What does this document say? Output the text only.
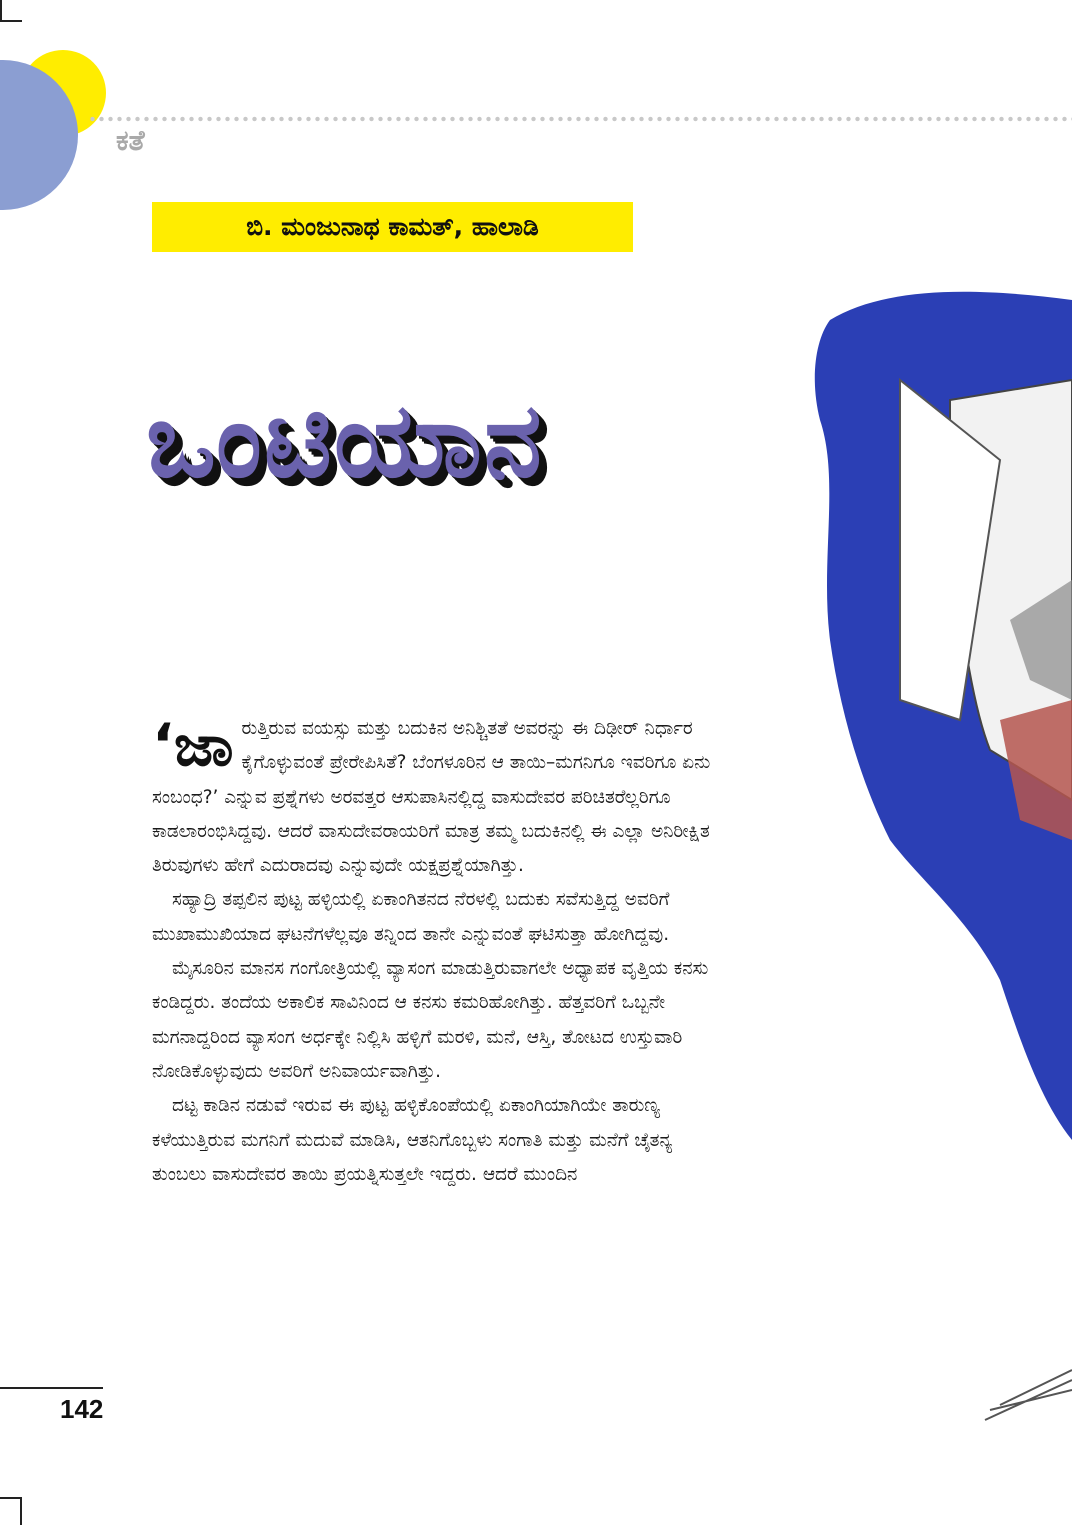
ಕತೆ
ಬಿ. ಮಂಜುನಾಥ ಕಾಮತ್, ಹಾಲಾಡಿ
ಒಂಟಿಯಾನ

‘ಜಾ ರುತ್ತಿರುವ ವಯಸ್ಸು ಮತ್ತು ಬದುಕಿನ ಅನಿಶ್ಚಿತತೆ ಅವರನ್ನು ಈ ದಿಢೀರ್ ನಿರ್ಧಾರ ಕೈಗೊಳ್ಳುವಂತೆ ಪ್ರೇರೇಪಿಸಿತೆ? ಬೆಂಗಳೂರಿನ ಆ ತಾಯಿ–ಮಗನಿಗೂ ಇವರಿಗೂ ಏನು ಸಂಬಂಧ?’ ಎನ್ನುವ ಪ್ರಶ್ನೆಗಳು ಅರವತ್ತರ ಆಸುಪಾಸಿನಲ್ಲಿದ್ದ ವಾಸುದೇವರ ಪರಿಚಿತರೆಲ್ಲರಿಗೂ ಕಾಡಲಾರಂಭಿಸಿದ್ದವು. ಆದರೆ ವಾಸುದೇವರಾಯರಿಗೆ ಮಾತ್ರ ತಮ್ಮ ಬದುಕಿನಲ್ಲಿ ಈ ಎಲ್ಲಾ ಅನಿರೀಕ್ಷಿತ ತಿರುವುಗಳು ಹೇಗೆ ಎದುರಾದವು ಎನ್ನುವುದೇ ಯಕ್ಷಪ್ರಶ್ನೆಯಾಗಿತ್ತು.

ಸಹ್ಯಾದ್ರಿ ತಪ್ಪಲಿನ ಪುಟ್ಟ ಹಳ್ಳಿಯಲ್ಲಿ ಏಕಾಂಗಿತನದ ನೆರಳಲ್ಲಿ ಬದುಕು ಸವೆಸುತ್ತಿದ್ದ ಅವರಿಗೆ ಮುಖಾಮುಖಿಯಾದ ಘಟನೆಗಳೆಲ್ಲವೂ ತನ್ನಿಂದ ತಾನೇ ಎನ್ನುವಂತೆ ಘಟಿಸುತ್ತಾ ಹೋಗಿದ್ದವು.

ಮೈಸೂರಿನ ಮಾನಸ ಗಂಗೋತ್ರಿಯಲ್ಲಿ ವ್ಯಾಸಂಗ ಮಾಡುತ್ತಿರುವಾಗಲೇ ಅಧ್ಯಾಪಕ ವೃತ್ತಿಯ ಕನಸು ಕಂಡಿದ್ದರು. ತಂದೆಯ ಅಕಾಲಿಕ ಸಾವಿನಿಂದ ಆ ಕನಸು ಕಮರಿಹೋಗಿತ್ತು. ಹೆತ್ತವರಿಗೆ ಒಬ್ಬನೇ ಮಗನಾದ್ದರಿಂದ ವ್ಯಾಸಂಗ ಅರ್ಧಕ್ಕೇ ನಿಲ್ಲಿಸಿ ಹಳ್ಳಿಗೆ ಮರಳಿ, ಮನೆ, ಆಸ್ತಿ, ತೋಟದ ಉಸ್ತುವಾರಿ ನೋಡಿಕೊಳ್ಳುವುದು ಅವರಿಗೆ ಅನಿವಾರ್ಯವಾಗಿತ್ತು.

ದಟ್ಟ ಕಾಡಿನ ನಡುವೆ ಇರುವ ಈ ಪುಟ್ಟ ಹಳ್ಳಿಕೊಂಪೆಯಲ್ಲಿ ಏಕಾಂಗಿಯಾಗಿಯೇ ತಾರುಣ್ಯ ಕಳೆಯುತ್ತಿರುವ ಮಗನಿಗೆ ಮದುವೆ ಮಾಡಿಸಿ, ಆತನಿಗೊಬ್ಬಳು ಸಂಗಾತಿ ಮತ್ತು ಮನೆಗೆ ಚೈತನ್ಯ ತುಂಬಲು ವಾಸುದೇವರ ತಾಯಿ ಪ್ರಯತ್ನಿಸುತ್ತಲೇ ಇದ್ದರು. ಆದರೆ ಮುಂದಿನ

142
